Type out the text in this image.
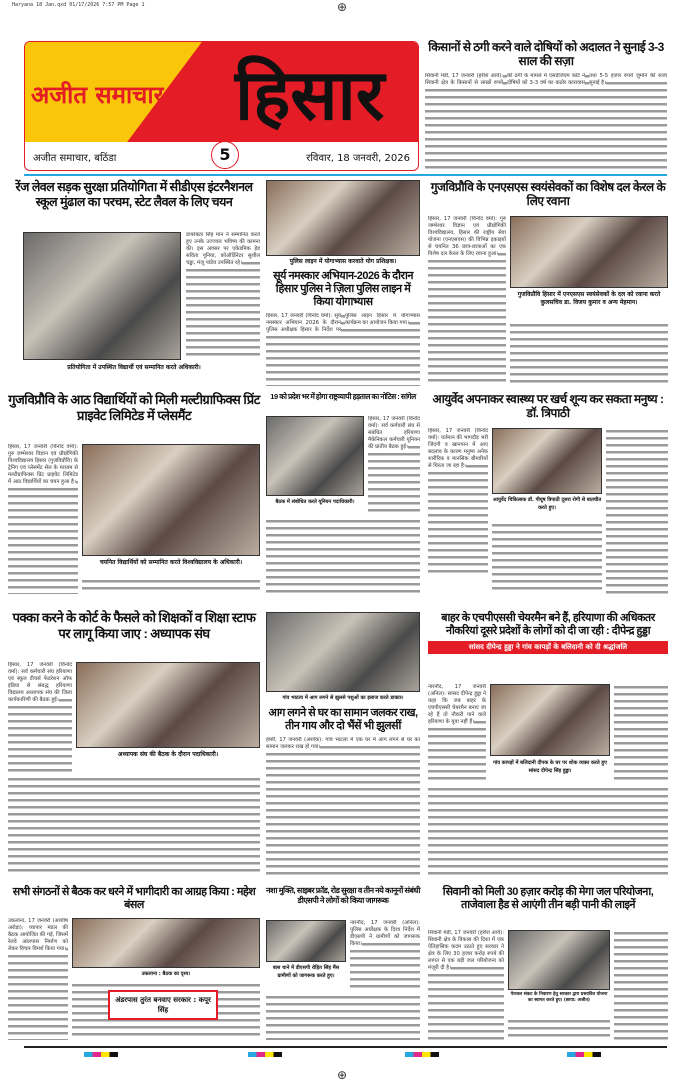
Haryana 18 Jan.qxd 01/17/2026 7:57 PM Page 1	⊕
अजीत समाचार हिसार
अजीत समाचार, बठिंडा	5	रविवार, 18 जनवरी, 2026
किसानों से ठगी करने वाले दोषियों को अदालत ने सुनाई 3-3 साल की सज़ा
सिवानी मंडी, 17 जनवरी (हरीश आर्य): सिवानी क्षेत्र के किसानों से लाखों रुपये की ठगी के मामले में एसडीजेएम कोर्ट ने दोषियों को 3-3 वर्ष का कठोर कारावास तथा 5-5 हजार रुपये जुर्माने की सजा सुनाई है।
रेंज लेवल सड़क सुरक्षा प्रतियोगिता में सीडीएस इंटरनैशनल स्कूल मुंढाल का परचम, स्टेट लैवल के लिए चयन
डायरेक्टर सिंह मान ने सम्मानित करते हुए उनके उज्ज्वल भविष्य की कामना की। इस अवसर पर एकेडमिक हेड सविता पूनिया, कोऑर्डिनेटर सुशील चड्ढा, मंजू पांडेय उपस्थित रहे।
प्रतियोगिता में उपस्थित विद्यार्थी एवं सम्मानित करते अधिकारी।
पुलिस लाइन में योगाभ्यास करवाते योग प्रशिक्षक।
सूर्य नमस्कार अभियान-2026 के दौरान हिसार पुलिस ने ज़िला पुलिस लाइन में किया योगाभ्यास
हिसार, 17 जनवरी (विनोद वर्मा): सूर्य नमस्कार अभियान 2026 के दौरान पुलिस अधीक्षक हिसार के निर्देश पर पुलिस लाइन हिसार में योगाभ्यास कार्यक्रम का आयोजन किया गया।
गुजविप्रौवि के एनएसएस स्वयंसेवकों का विशेष दल केरल के लिए रवाना
हिसार, 17 जनवरी (विनोद वर्मा): गुरु जम्भेश्वर विज्ञान एवं प्रौद्योगिकी विश्वविद्यालय, हिसार की राष्ट्रीय सेवा योजना (एनएसएस) की विभिन्न इकाइयों से चयनित 36 छात्र-छात्राओं का एक विशेष दल केरल के लिए रवाना हुआ।
गुजविप्रौवि हिसार में एनएसएस स्वयंसेवकों के दल को रवाना करते कुलसचिव डा. विजय कुमार व अन्य मेहमान।
गुजविप्रौवि के आठ विद्यार्थियों को मिली मल्टीग्राफिक्स प्रिंट प्राइवेट लिमिटेड में प्लेसमैंट
हिसार, 17 जनवरी (विनोद वर्मा): गुरु जम्भेश्वर विज्ञान एवं प्रौद्योगिकी विश्वविद्यालय हिसार (गुजविप्रौवि) के ट्रेनिंग एवं प्लेसमेंट सेल के माध्यम से मल्टीग्राफिक्स प्रिंट प्राइवेट लिमिटेड में आठ विद्यार्थियों का चयन हुआ है।
चयनित विद्यार्थियों को सम्मानित करते विश्वविद्यालय के अधिकारी।
19 को प्रदेश भर में होगा राष्ट्रव्यापी हड़ताल का नोटिस : सांगेल
बैठक में संबोधित करते यूनियन पदाधिकारी।
हिसार, 17 जनवरी (विनोद वर्मा): सर्व कर्मचारी संघ से संबंधित हरियाणा मैकेनिकल कर्मचारी यूनियन की प्रांतीय बैठक हुई।
आयुर्वेद अपनाकर स्वास्थ्य पर खर्च शून्य कर सकता मनुष्य : डॉ. त्रिपाठी
हिसार, 17 जनवरी (विनोद वर्मा): वर्तमान की भागदौड़ भरी जिंदगी व खानपान में आए बदलाव के कारण मनुष्य अनेक शारीरिक व मानसिक बीमारियों से घिरता जा रहा है।
आयुर्वेद चिकित्सक डॉ. पीयूष त्रिपाठी दूसरा रोगी से बातचीत करते हुए।
पक्का करने के कोर्ट के फैसले को शिक्षकों व शिक्षा स्टाफ पर लागू किया जाए : अध्यापक संघ
हिसार, 17 जनवरी (विनोद वर्मा): सर्व कर्मचारी संघ हरियाणा एवं स्कूल टीचर्स फेडरेशन ऑफ इंडिया से संबद्ध हरियाणा विद्यालय अध्यापक संघ की जिला कार्यकारिणी की बैठक हुई।
अध्यापक संघ की बैठक के दौरान पदाधिकारी।
गांव भाटला में आग लगने से झुलसे पशुओं का इलाज करते डाक्टर।
आग लगने से घर का सामान जलकर राख, तीन गाय और दो भैंसें भी झुलसीं
हांसी, 17 जनवरी (अशोक): गांव भाटला में एक घर में आग लगने से घर का सामान जलकर राख हो गया।
बाहर के एचपीएससी चेयरमैन बने हैं, हरियाणा की अधिकतर नौकरियां दूसरे प्रदेशों के लोगों को दी जा रही : दीपेन्द्र हुड्डा
सांसद दीपेन्द्र हुड्डा ने गांव कापड़ों के बलिदानी को दी श्रद्धांजलि
नारनौंद, 17 जनवरी (अनिल): सांसद दीपेन्द्र हुड्डा ने कहा कि जब बाहर के एचपीएससी चेयरमैन बनाए जा रहे हैं तो नौकरी पाने वाले हरियाणा के युवा नहीं हैं।
गांव कापड़ों में बलिदानी दीपक के घर पर शोक व्यक्त करते हुए सांसद दीपेन्द्र सिंह हुड्डा।
सभी संगठनों से बैठक कर धरने में भागीदारी का आग्रह किया : महेश बंसल
उकलाना, 17 जनवरी (आशीष अरोड़ा): व्यापार मंडल की बैठक आयोजित की गई, जिसमें रेलवे अंडरपास निर्माण को लेकर विचार विमर्श किया गया।
उकलाना : बैठक का दृश्य।
अंडरपास तुरंत बनवाए सरकार : कपूर सिंह
नशा मुक्ति, साइबर फ्रॉड, रोड सुरक्षा व तीन नये कानूनों संबंधी डीएसपी ने लोगों को किया जागरूक
बास थाने में डीएसपी रोहित सिंह मैंस ग्रामीणों को जागरूक करते हुए।
नारनौंद, 17 जनवरी (अनिल): पुलिस अधीक्षक के दिशा निर्देश में डीएसपी ने ग्रामीणों को जागरूक किया।
सिवानी को मिली 30 हज़ार करोड़ की मेगा जल परियोजना, ताजेवाला हैड से आएंगी तीन बड़ी पानी की लाइनें
सिवानी मंडी, 17 जनवरी (हरीश आर्य): सिवानी क्षेत्र के विकास की दिशा में एक ऐतिहासिक कदम उठाते हुए सरकार ने क्षेत्र के लिए 30 हजार करोड़ रुपये की लागत से एक बड़ी जल परियोजना को मंजूरी दी है।
पेयजल संकट के निवारण हेतु सरकार द्वारा प्रस्तावित योजना का स्वागत करते हुए। (छाया: अजीत)
⊕
